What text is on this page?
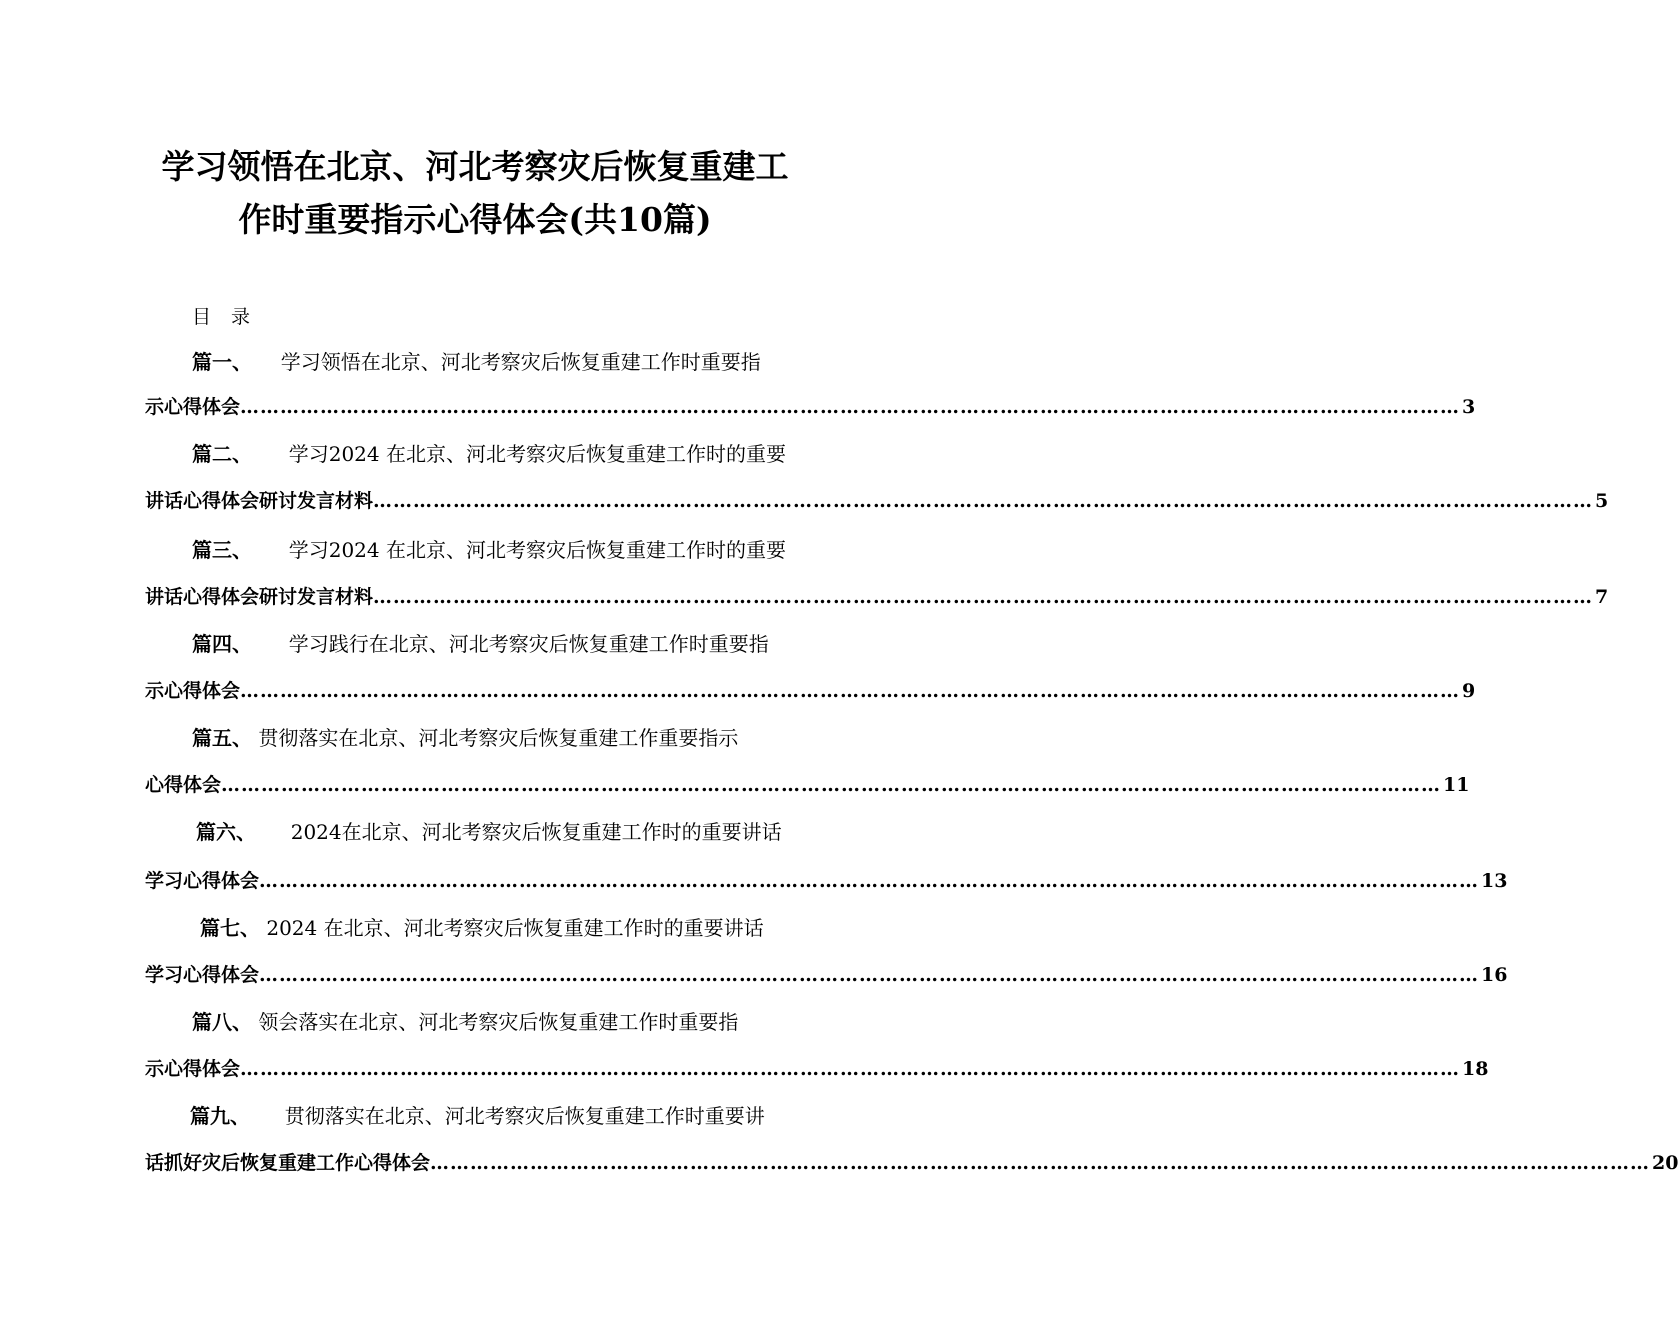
学习领悟在北京、河北考察灾后恢复重建工
作时重要指示心得体会(共10篇)
目录
篇一、 学习领悟在北京、河北考察灾后恢复重建工作时重要指
示心得体会 ………………………………………………………………………………………………………………………………………………………………… 3
篇二、 学习2024 在北京、河北考察灾后恢复重建工作时的重要
讲话心得体会研讨发言材料 ………………………………………………………………………………………………………………………………………………………………… 5
篇三、 学习2024 在北京、河北考察灾后恢复重建工作时的重要
讲话心得体会研讨发言材料 ………………………………………………………………………………………………………………………………………………………………… 7
篇四、 学习践行在北京、河北考察灾后恢复重建工作时重要指
示心得体会 ………………………………………………………………………………………………………………………………………………………………… 9
篇五、 贯彻落实在北京、河北考察灾后恢复重建工作重要指示
心得体会 ………………………………………………………………………………………………………………………………………………………………… 11
篇六、 2024在北京、河北考察灾后恢复重建工作时的重要讲话
学习心得体会 ………………………………………………………………………………………………………………………………………………………………… 13
篇七、 2024 在北京、河北考察灾后恢复重建工作时的重要讲话
学习心得体会 ………………………………………………………………………………………………………………………………………………………………… 16
篇八、 领会落实在北京、河北考察灾后恢复重建工作时重要指
示心得体会 ………………………………………………………………………………………………………………………………………………………………… 18
篇九、 贯彻落实在北京、河北考察灾后恢复重建工作时重要讲
话抓好灾后恢复重建工作心得体会 ………………………………………………………………………………………………………………………………………………………………… 20
